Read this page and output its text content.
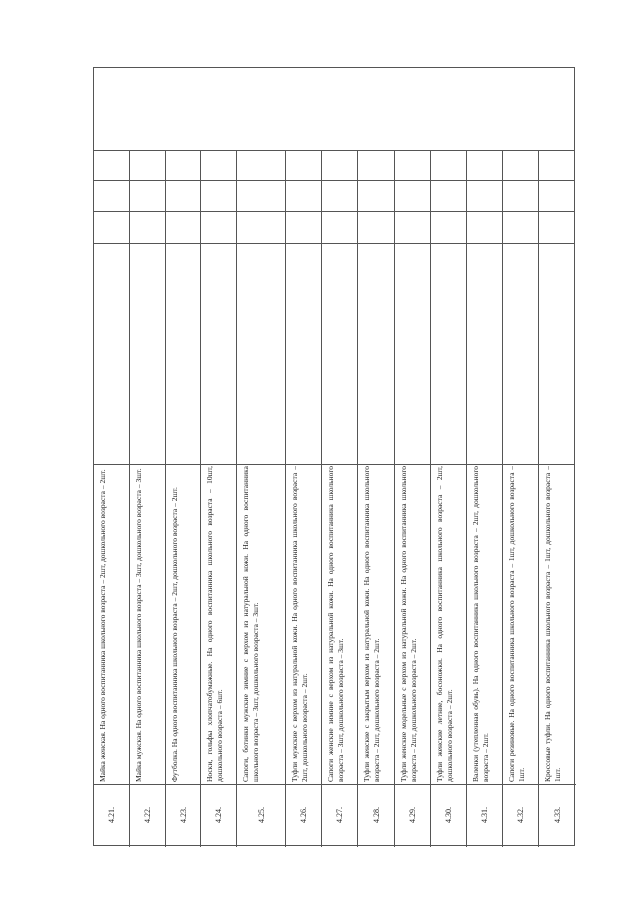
4.21.
Майка женская. На одного воспитанника школьного возраста – 2шт, дошкольного возраста – 2шт.
4.22.
Майка мужская. На одного воспитанника школьного возраста – 3шт, дошкольного возраста – 3шт.
4.23.
Футболка. На одного воспитанника школьного возраста – 2шт, дошкольного возраста – 2шт.
4.24.
Носки, гольфы хлопчатобумажные. На одного воспитанника школьного возраста – 10шт, дошкольного возраста – 6шт.
4.25.
Сапоги, ботинки мужские зимние с верхом из натуральной кожи. На одного воспитанника школьного возраста – 3шт, дошкольного возраста – 3шт.
4.26.
Туфли мужские с верхом из натуральной кожи. На одного воспитанника школьного возраста – 2шт, дошкольного возраста – 2шт.
4.27.
Сапоги женские зимние с верхом из натуральной кожи. На одного воспитанника школьного возраста – 3шт, дошкольного возраста – 3шт.
4.28.
Туфли женские с закрытым верхом из натуральной кожи. На одного воспитанника школьного возраста – 2шт, дошкольного возраста – 2шт.
4.29.
Туфли женские модельные с верхом из натуральной кожи. На одного воспитанника школьного возраста – 2шт, дошкольного возраста – 2шт.
4.30.
Туфли женские летние, босоножки. На одного воспитанника школьного возраста – 2шт, дошкольного возраста – 2шт.
4.31.
Валенки (утепленная обувь). На одного воспитанника школьного возраста – 2шт, дошкольного возраста – 2шт.
4.32.
Сапоги резиновые. На одного воспитанника школьного возраста – 1шт, дошкольного возраста – 1шт.
4.33.
Кроссовые туфли. На одного воспитанника школьного возраста – 1шт, дошкольного возраста – 1шт.
